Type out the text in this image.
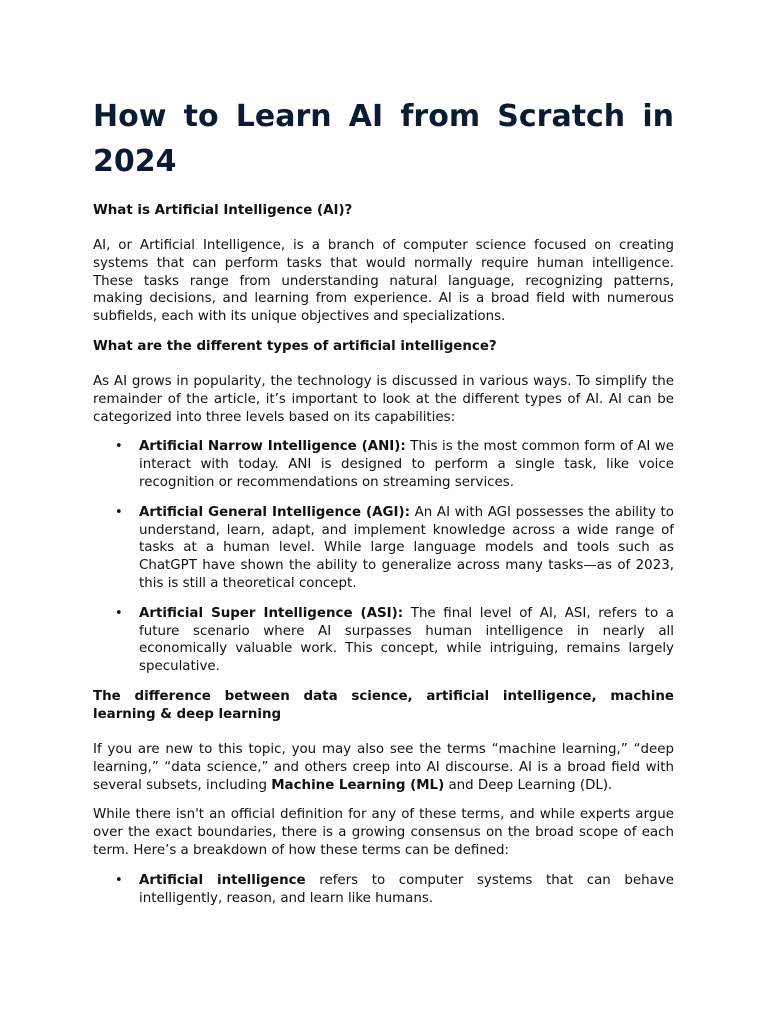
How to Learn AI from Scratch in 2024
What is Artificial Intelligence (AI)?

AI, or Artificial Intelligence, is a branch of computer science focused on creating systems that can perform tasks that would normally require human intelligence. These tasks range from understanding natural language, recognizing patterns, making decisions, and learning from experience. AI is a broad field with numerous subfields, each with its unique objectives and specializations.

What are the different types of artificial intelligence?

As AI grows in popularity, the technology is discussed in various ways. To simplify the remainder of the article, it’s important to look at the different types of AI. AI can be categorized into three levels based on its capabilities:

• Artificial Narrow Intelligence (ANI): This is the most common form of AI we interact with today. ANI is designed to perform a single task, like voice recognition or recommendations on streaming services.
• Artificial General Intelligence (AGI): An AI with AGI possesses the ability to understand, learn, adapt, and implement knowledge across a wide range of tasks at a human level. While large language models and tools such as ChatGPT have shown the ability to generalize across many tasks—as of 2023, this is still a theoretical concept.
• Artificial Super Intelligence (ASI): The final level of AI, ASI, refers to a future scenario where AI surpasses human intelligence in nearly all economically valuable work. This concept, while intriguing, remains largely speculative.
The difference between data science, artificial intelligence, machine learning & deep learning

If you are new to this topic, you may also see the terms “machine learning,” “deep learning,” “data science,” and others creep into AI discourse. AI is a broad field with several subsets, including Machine Learning (ML) and Deep Learning (DL).

While there isn't an official definition for any of these terms, and while experts argue over the exact boundaries, there is a growing consensus on the broad scope of each term. Here’s a breakdown of how these terms can be defined:

• Artificial intelligence refers to computer systems that can behave intelligently, reason, and learn like humans.
